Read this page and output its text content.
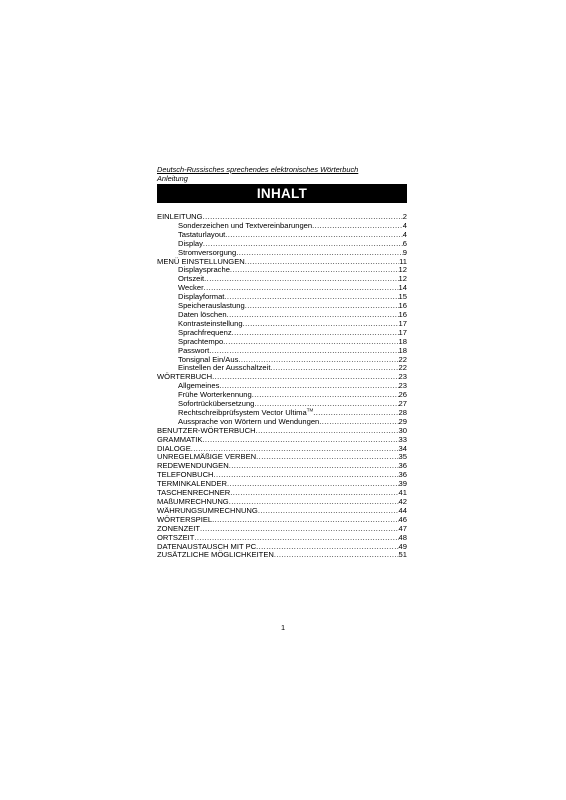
Deutsch-Russisches sprechendes elektronisches Wörterbuch
Anleitung
INHALT
EINLEITUNG .....	2
Sonderzeichen und Textvereinbarungen .....	4
Tastaturlayout .....	4
Display .....	6
Stromversorgung .....	9
MENÜ EINSTELLUNGEN .....	11
Displaysprache .....	12
Ortszeit .....	12
Wecker .....	14
Displayformat .....	15
Speicherauslastung .....	16
Daten löschen .....	16
Kontrasteinstellung .....	17
Sprachfrequenz .....	17
Sprachtempo .....	18
Passwort .....	18
Tonsignal Ein/Aus .....	22
Einstellen der Ausschaltzeit .....	22
WÖRTERBUCH .....	23
Allgemeines .....	23
Frühe Worterkennung .....	26
Sofortrückübersetzung .....	27
Rechtschreibprüfsystem Vector Ultima™ .....	28
Aussprache von Wörtern und Wendungen .....	29
BENUTZER-WÖRTERBUCH .....	30
GRAMMATIK .....	33
DIALOGE .....	34
UNREGELMÄßIGE VERBEN .....	35
REDEWENDUNGEN .....	36
TELEFONBUCH .....	36
TERMINKALENDER .....	39
TASCHENRECHNER .....	41
MAßUMRECHNUNG .....	42
WÄHRUNGSUMRECHNUNG .....	44
WÖRTERSPIEL .....	46
ZONENZEIT .....	47
ORTSZEIT .....	48
DATENAUSTAUSCH MIT PC .....	49
ZUSÄTZLICHE MÖGLICHKEITEN .....	51
1
